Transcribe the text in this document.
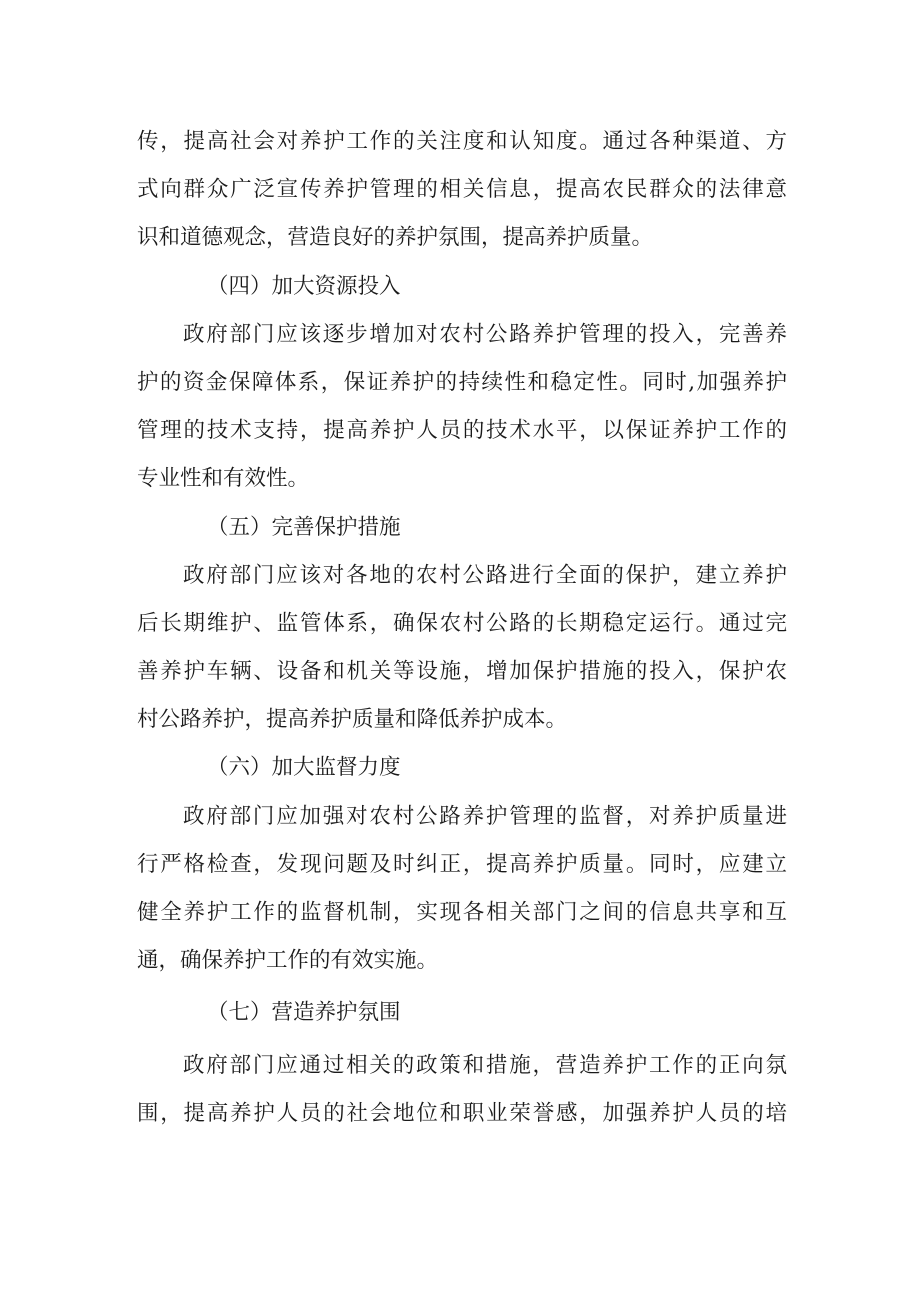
传，提高社会对养护工作的关注度和认知度。通过各种渠道、方
式向群众广泛宣传养护管理的相关信息，提高农民群众的法律意
识和道德观念，营造良好的养护氛围，提高养护质量。
（四）加大资源投入
政府部门应该逐步增加对农村公路养护管理的投入，完善养
护的资金保障体系，保证养护的持续性和稳定性。同时,加强养护
管理的技术支持，提高养护人员的技术水平，以保证养护工作的
专业性和有效性。
（五）完善保护措施
政府部门应该对各地的农村公路进行全面的保护，建立养护
后长期维护、监管体系，确保农村公路的长期稳定运行。通过完
善养护车辆、设备和机关等设施，增加保护措施的投入，保护农
村公路养护，提高养护质量和降低养护成本。
（六）加大监督力度
政府部门应加强对农村公路养护管理的监督，对养护质量进
行严格检查，发现问题及时纠正，提高养护质量。同时，应建立
健全养护工作的监督机制，实现各相关部门之间的信息共享和互
通，确保养护工作的有效实施。
（七）营造养护氛围
政府部门应通过相关的政策和措施，营造养护工作的正向氛
围，提高养护人员的社会地位和职业荣誉感，加强养护人员的培
